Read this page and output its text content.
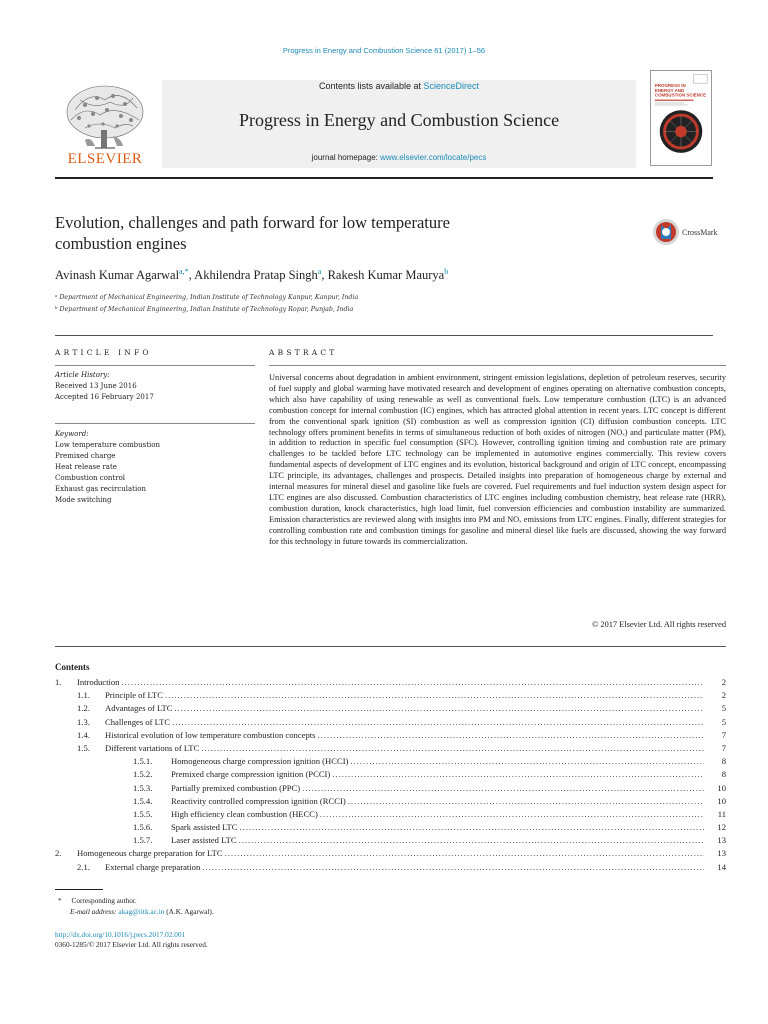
Progress in Energy and Combustion Science 61 (2017) 1–56
Contents lists available at ScienceDirect
Progress in Energy and Combustion Science
journal homepage: www.elsevier.com/locate/pecs
ELSEVIER
PROGRESS IN
ENERGY AND
COMBUSTION SCIENCE
Evolution, challenges and path forward for low temperature
combustion engines
CrossMark
Avinash Kumar Agarwal$^{a,*}$, Akhilendra Pratap Singh$^a$, Rakesh Kumar Maurya$^b$
ᵃ Department of Mechanical Engineering, Indian Institute of Technology Kanpur, Kanpur, India
ᵇ Department of Mechanical Engineering, Indian Institute of Technology Ropar, Punjab, India
ARTICLE INFO
Article History:
Received 13 June 2016
Accepted 16 February 2017
Keyword:
Low temperature combustion
Premixed charge
Heat release rate
Combustion control
Exhaust gas recirculation
Mode switching
ABSTRACT

Universal concerns about degradation in ambient environment, stringent emission legislations, depletion of petroleum reserves, security of fuel supply and global warming have motivated research and development of engines operating on alternative combustion concepts, which also have capability of using renewable as well as conventional fuels. Low temperature combustion (LTC) is an advanced combustion concept for internal combustion (IC) engines, which has attracted global attention in recent years. LTC concept is different from the conventional spark ignition (SI) combustion as well as compression ignition (CI) diffusion combustion concepts. LTC technology offers prominent benefits in terms of simultaneous reduction of both oxides of nitrogen (NOₓ) and particulate matter (PM), in addition to reduction in specific fuel consumption (SFC). However, controlling ignition timing and combustion rate are primary challenges to be tackled before LTC technology can be implemented in automotive engines commercially. This review covers fundamental aspects of development of LTC engines and its evolution, historical background and origin of LTC concept, encompassing LTC principle, its advantages, challenges and prospects. Detailed insights into preparation of homogeneous charge by external and internal measures for mineral diesel and gasoline like fuels are covered. Fuel requirements and fuel induction system design aspect for LTC engines are also discussed. Combustion characteristics of LTC engines including combustion chemistry, heat release rate (HRR), combustion duration, knock characteristics, high load limit, fuel conversion efficiencies and combustion instability are summarized. Emission characteristics are reviewed along with insights into PM and NOₓ emissions from LTC engines. Finally, different strategies for controlling combustion rate and combustion timings for gasoline and mineral diesel like fuels are discussed, showing the way forward for this technology in future towards its commercialization.

© 2017 Elsevier Ltd. All rights reserved
Contents
1.	Introduction .....	2
1.1.	Principle of LTC .....	2
1.2.	Advantages of LTC .....	5
1.3.	Challenges of LTC .....	5
1.4.	Historical evolution of low temperature combustion concepts .....	7
1.5.	Different variations of LTC .....	7
1.5.1.	Homogeneous charge compression ignition (HCCI) .....	8
1.5.2.	Premixed charge compression ignition (PCCI) .....	8
1.5.3.	Partially premixed combustion (PPC) .....	10
1.5.4.	Reactivity controlled compression ignition (RCCI) .....	10
1.5.5.	High efficiency clean combustion (HECC) .....	11
1.5.6.	Spark assisted LTC .....	12
1.5.7.	Laser assisted LTC .....	13
2.	Homogeneous charge preparation for LTC .....	13
2.1.	External charge preparation .....	14
* Corresponding author.
E-mail address: akag@iitk.ac.in (A.K. Agarwal).
http://dx.doi.org/10.1016/j.pecs.2017.02.001
0360-1285/© 2017 Elsevier Ltd. All rights reserved.
